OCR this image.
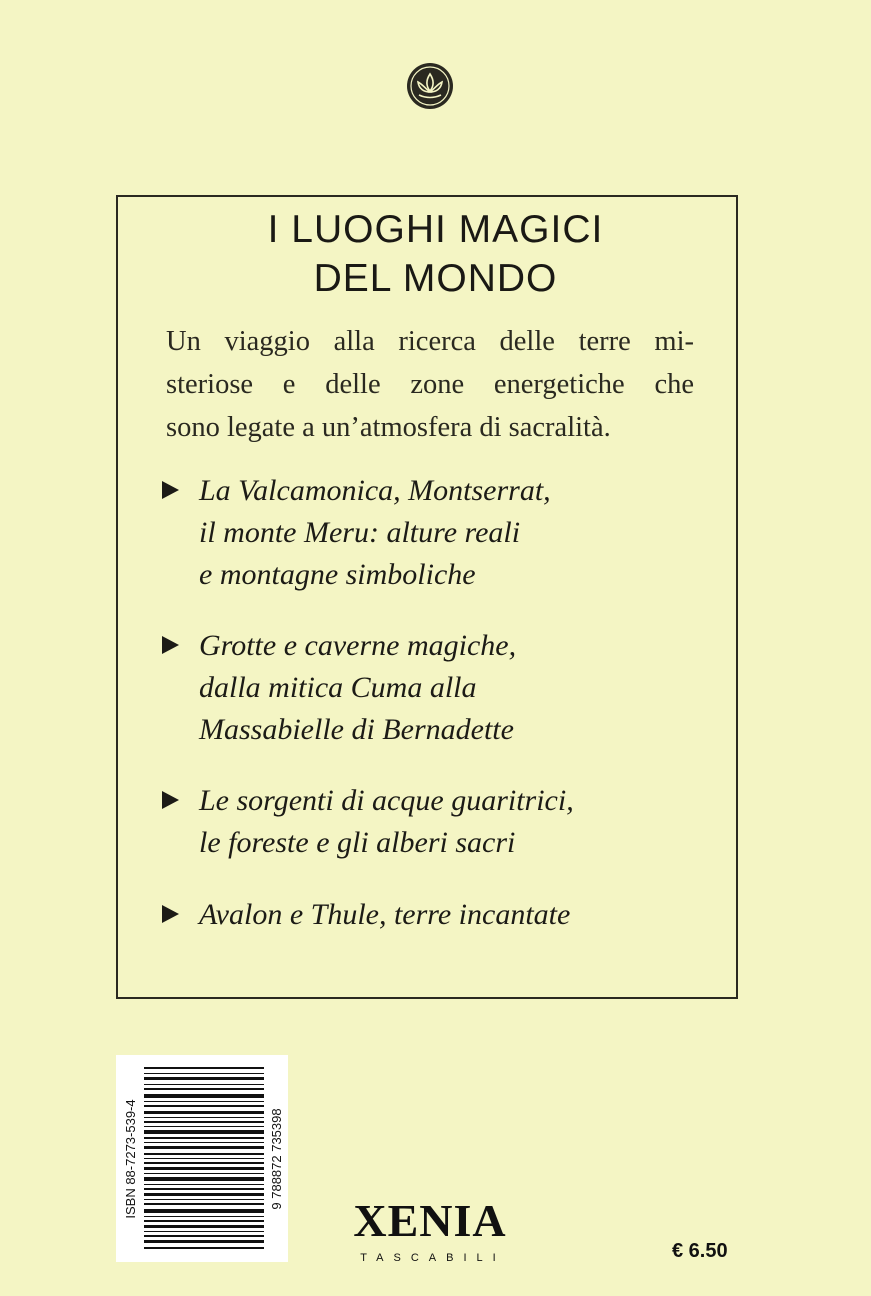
I LUOGHI MAGICI
DEL MONDO
Un viaggio alla ricerca delle terre mi-
steriose e delle zone energetiche che
sono legate a un’atmosfera di sacralità.
La Valcamonica, Montserrat,
il monte Meru: alture reali
e montagne simboliche
Grotte e caverne magiche,
dalla mitica Cuma alla
Massabielle di Bernadette
Le sorgenti di acque guaritrici,
le foreste e gli alberi sacri
Avalon e Thule, terre incantate
ISBN 88-7273-539-4	9 788872 735398
XENIA
TASCABILI	€ 6.50
